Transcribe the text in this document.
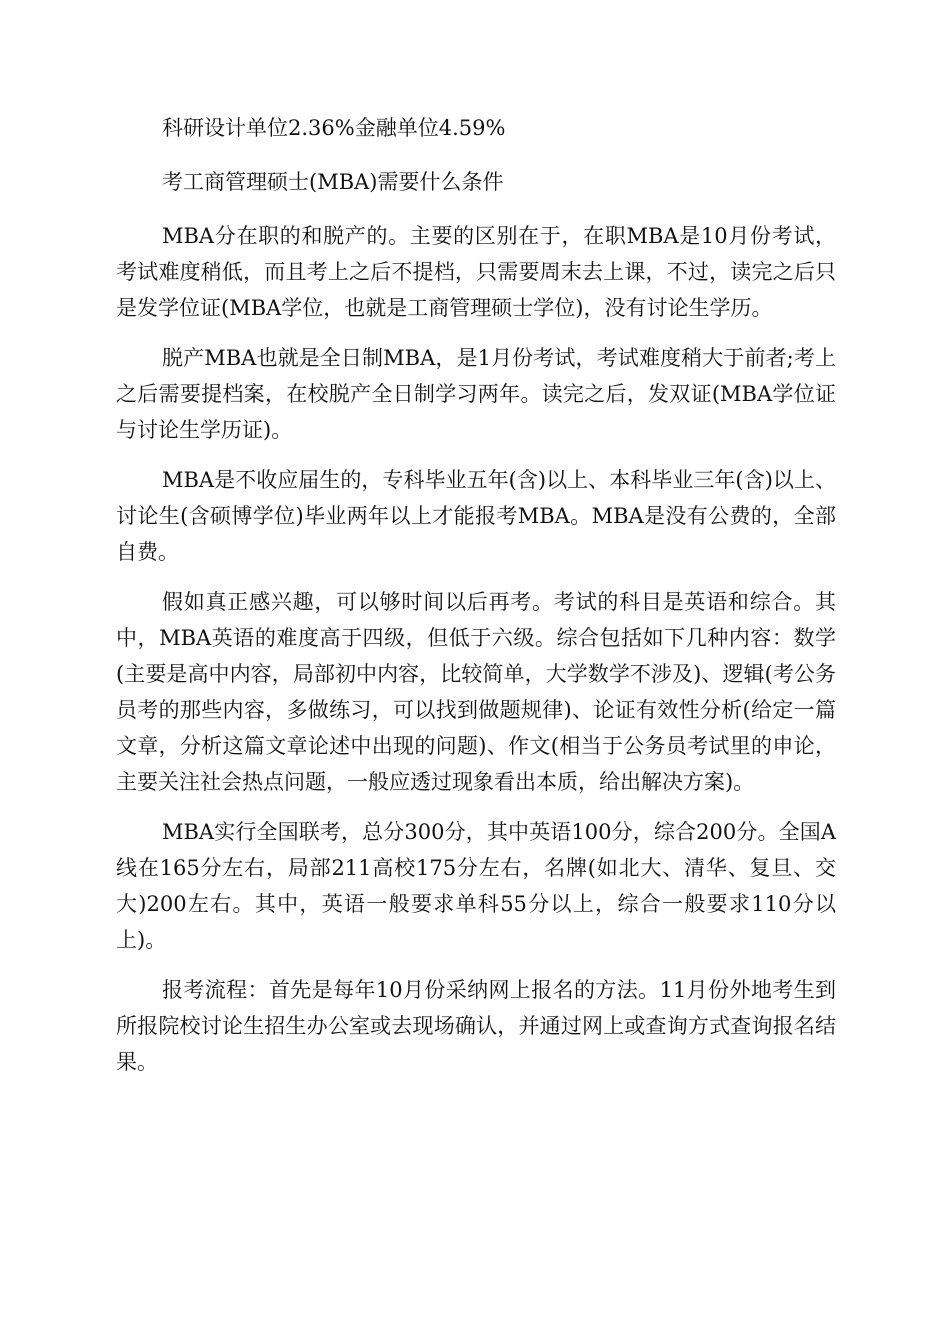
科研设计单位2.36%金融单位4.59%

考工商管理硕士(MBA)需要什么条件

MBA分在职的和脱产的。主要的区别在于，在职MBA是10月份考试，考试难度稍低，而且考上之后不提档，只需要周末去上课，不过，读完之后只是发学位证(MBA学位，也就是工商管理硕士学位)，没有讨论生学历。

脱产MBA也就是全日制MBA，是1月份考试，考试难度稍大于前者;考上之后需要提档案，在校脱产全日制学习两年。读完之后，发双证(MBA学位证与讨论生学历证)。

MBA是不收应届生的，专科毕业五年(含)以上、本科毕业三年(含)以上、讨论生(含硕博学位)毕业两年以上才能报考MBA。MBA是没有公费的，全部自费。

假如真正感兴趣，可以够时间以后再考。考试的科目是英语和综合。其中，MBA英语的难度高于四级，但低于六级。综合包括如下几种内容：数学(主要是高中内容，局部初中内容，比较简单，大学数学不涉及)、逻辑(考公务员考的那些内容，多做练习，可以找到做题规律)、论证有效性分析(给定一篇文章，分析这篇文章论述中出现的问题)、作文(相当于公务员考试里的申论，主要关注社会热点问题，一般应透过现象看出本质，给出解决方案)。

MBA实行全国联考，总分300分，其中英语100分，综合200分。全国A线在165分左右，局部211高校175分左右，名牌(如北大、清华、复旦、交大)200左右。其中，英语一般要求单科55分以上，综合一般要求110分以上)。

报考流程：首先是每年10月份采纳网上报名的方法。11月份外地考生到所报院校讨论生招生办公室或去现场确认，并通过网上或查询方式查询报名结果。
